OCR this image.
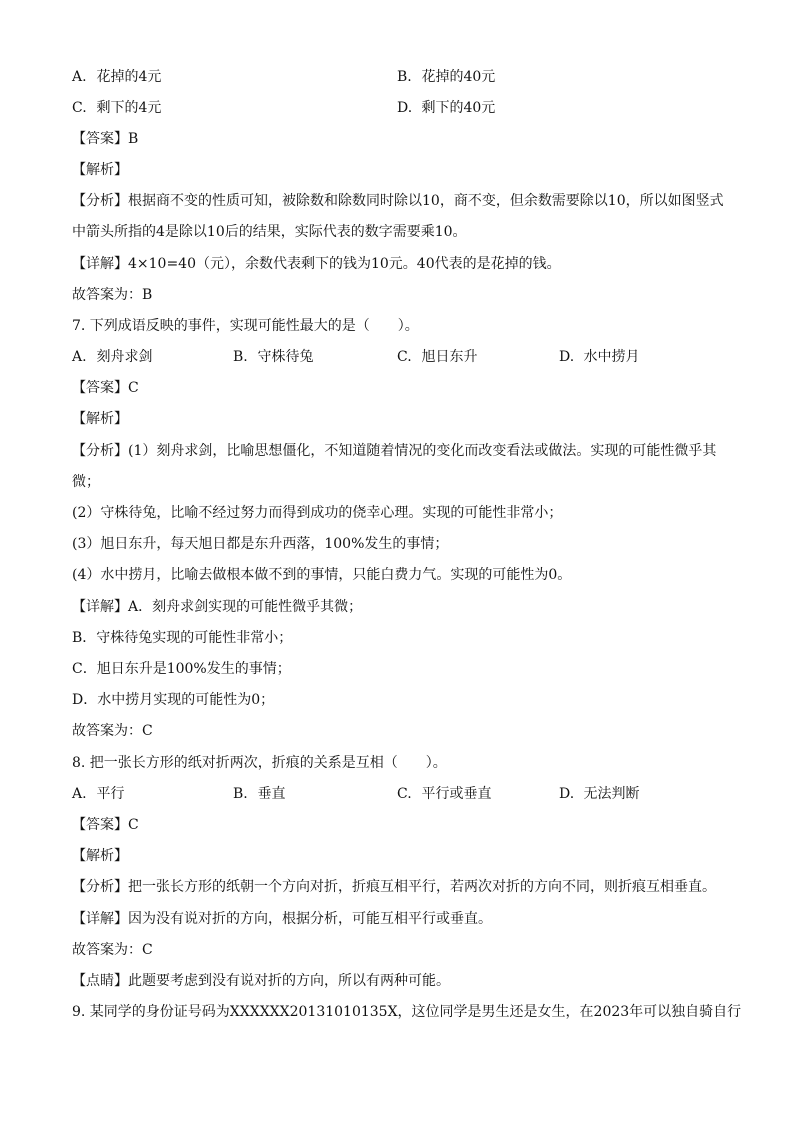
A. 花掉的4元	B. 花掉的40元
C. 剩下的4元	D. 剩下的40元
【答案】B
【解析】
【分析】根据商不变的性质可知，被除数和除数同时除以10，商不变，但余数需要除以10，所以如图竖式
中箭头所指的4是除以10后的结果，实际代表的数字需要乘10。
【详解】4×10=40（元），余数代表剩下的钱为10元。40代表的是花掉的钱。
故答案为：B
7. 下列成语反映的事件，实现可能性最大的是（　　）。
A. 刻舟求剑	B. 守株待兔	C. 旭日东升	D. 水中捞月
【答案】C
【解析】
【分析】(1）刻舟求剑，比喻思想僵化，不知道随着情况的变化而改变看法或做法。实现的可能性微乎其
微；
(2）守株待兔，比喻不经过努力而得到成功的侥幸心理。实现的可能性非常小；
(3）旭日东升，每天旭日都是东升西落，100%发生的事情；
(4）水中捞月，比喻去做根本做不到的事情，只能白费力气。实现的可能性为0。
【详解】A．刻舟求剑实现的可能性微乎其微；
B．守株待兔实现的可能性非常小；
C．旭日东升是100%发生的事情；
D．水中捞月实现的可能性为0；
故答案为：C
8. 把一张长方形的纸对折两次，折痕的关系是互相（　　）。
A. 平行	B. 垂直	C. 平行或垂直	D. 无法判断
【答案】C
【解析】
【分析】把一张长方形的纸朝一个方向对折，折痕互相平行，若两次对折的方向不同，则折痕互相垂直。
【详解】因为没有说对折的方向，根据分析，可能互相平行或垂直。
故答案为：C
【点睛】此题要考虑到没有说对折的方向，所以有两种可能。
9. 某同学的身份证号码为XXXXXX20131010135X，这位同学是男生还是女生，在2023年可以独自骑自行
